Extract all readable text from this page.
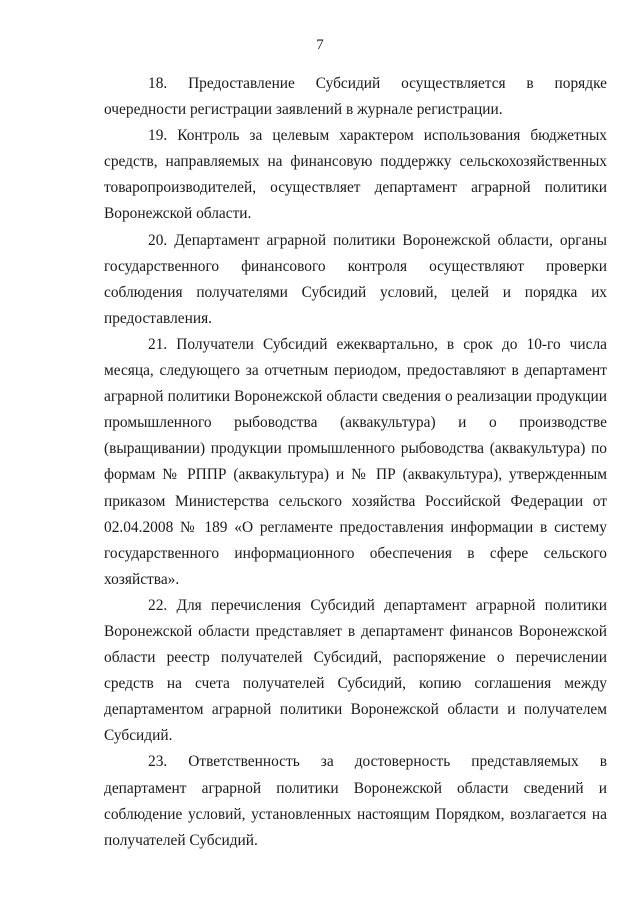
7

18. Предоставление Субсидий осуществляется в порядке очередности регистрации заявлений в журнале регистрации.

19. Контроль за целевым характером использования бюджетных средств, направляемых на финансовую поддержку сельскохозяйственных товаропроизводителей, осуществляет департамент аграрной политики Воронежской области.

20. Департамент аграрной политики Воронежской области, органы государственного финансового контроля осуществляют проверки соблюдения получателями Субсидий условий, целей и порядка их предоставления.

21. Получатели Субсидий ежеквартально, в срок до 10-го числа месяца, следующего за отчетным периодом, предоставляют в департамент аграрной политики Воронежской области сведения о реализации продукции промышленного рыбоводства (аквакультура) и о производстве (выращивании) продукции промышленного рыбоводства (аквакультура) по формам № РППР (аквакультура) и № ПР (аквакультура), утвержденным приказом Министерства сельского хозяйства Российской Федерации от 02.04.2008 № 189 «О регламенте предоставления информации в систему государственного информационного обеспечения в сфере сельского хозяйства».

22. Для перечисления Субсидий департамент аграрной политики Воронежской области представляет в департамент финансов Воронежской области реестр получателей Субсидий, распоряжение о перечислении средств на счета получателей Субсидий, копию соглашения между департаментом аграрной политики Воронежской области и получателем Субсидий.

23. Ответственность за достоверность представляемых в департамент аграрной политики Воронежской области сведений и соблюдение условий, установленных настоящим Порядком, возлагается на получателей Субсидий.
